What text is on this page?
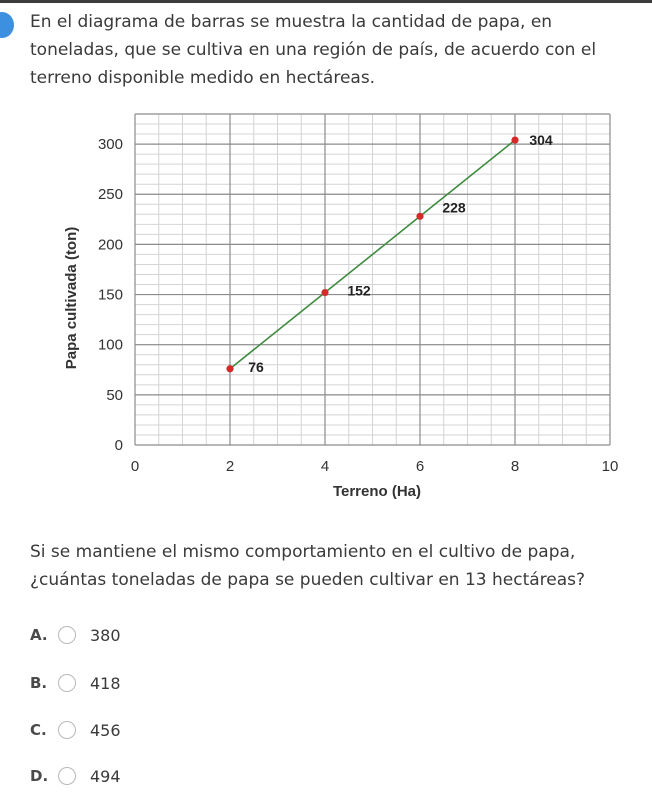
En el diagrama de barras se muestra la cantidad de papa, en toneladas, que se cultiva en una región de país, de acuerdo con el terreno disponible medido en hectáreas.

0	2	4	6	8	10
0
50
100
150
200
250
300
76
152
228
304
Papa cultivada (ton)
Terreno (Ha)

Si se mantiene el mismo comportamiento en el cultivo de papa, ¿cuántas toneladas de papa se pueden cultivar en 13 hectáreas?

A.	380
B.	418
C.	456
D.	494
